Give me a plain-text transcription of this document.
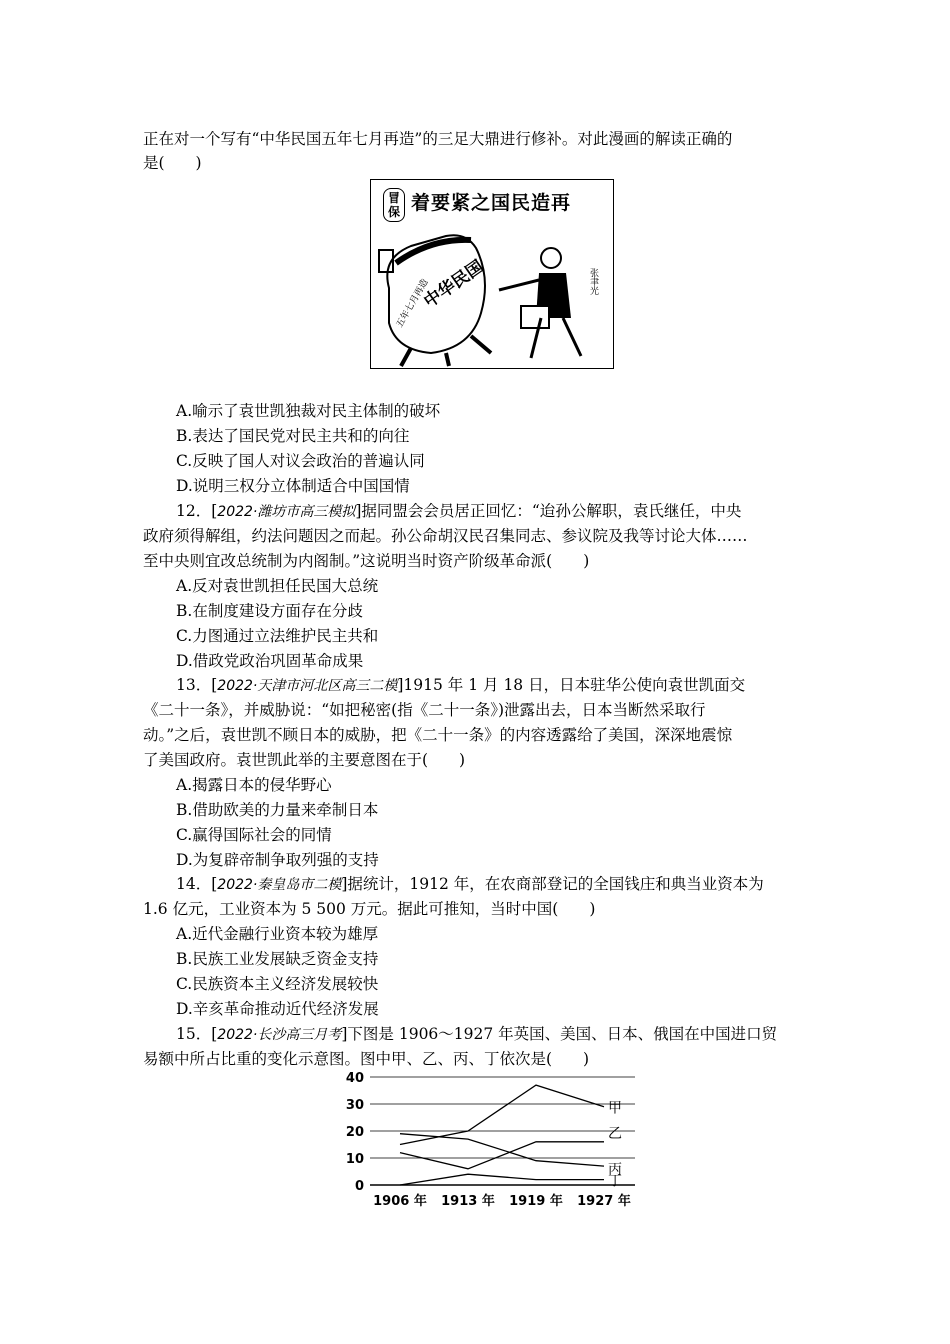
正在对一个写有“中华民国五年七月再造”的三足大鼎进行修补。对此漫画的解读正确的
是(　　)
冒保 着要紧之国民造再
中华民国
五年七月再造	张聿光
A.喻示了袁世凯独裁对民主体制的破坏
B.表达了国民党对民主共和的向往
C.反映了国人对议会政治的普遍认同
D.说明三权分立体制适合中国国情
12．[2022·潍坊市高三模拟]据同盟会会员居正回忆：“迨孙公解职，袁氏继任，中央
政府须得解组，约法问题因之而起。孙公命胡汉民召集同志、参议院及我等讨论大体……
至中央则宜改总统制为内阁制。”这说明当时资产阶级革命派(　　)
A.反对袁世凯担任民国大总统
B.在制度建设方面存在分歧
C.力图通过立法维护民主共和
D.借政党政治巩固革命成果
13．[2022·天津市河北区高三二模]1915 年 1 月 18 日，日本驻华公使向袁世凯面交
《二十一条》，并威胁说：“如把秘密(指《二十一条》)泄露出去，日本当断然采取行
动。”之后，袁世凯不顾日本的威胁，把《二十一条》的内容透露给了美国，深深地震惊
了美国政府。袁世凯此举的主要意图在于(　　)
A.揭露日本的侵华野心
B.借助欧美的力量来牵制日本
C.赢得国际社会的同情
D.为复辟帝制争取列强的支持
14．[2022·秦皇岛市二模]据统计，1912 年，在农商部登记的全国钱庄和典当业资本为
1.6 亿元，工业资本为 5 500 万元。据此可推知，当时中国(　　)
A.近代金融行业资本较为雄厚
B.民族工业发展缺乏资金支持
C.民族资本主义经济发展较快
D.辛亥革命推动近代经济发展
15．[2022·长沙高三月考]下图是 1906～1927 年英国、美国、日本、俄国在中国进口贸
易额中所占比重的变化示意图。图中甲、乙、丙、丁依次是(　　)
0
10
20
30
40
1906 年 1913 年 1919 年 1927 年
甲
乙
丙
丁
